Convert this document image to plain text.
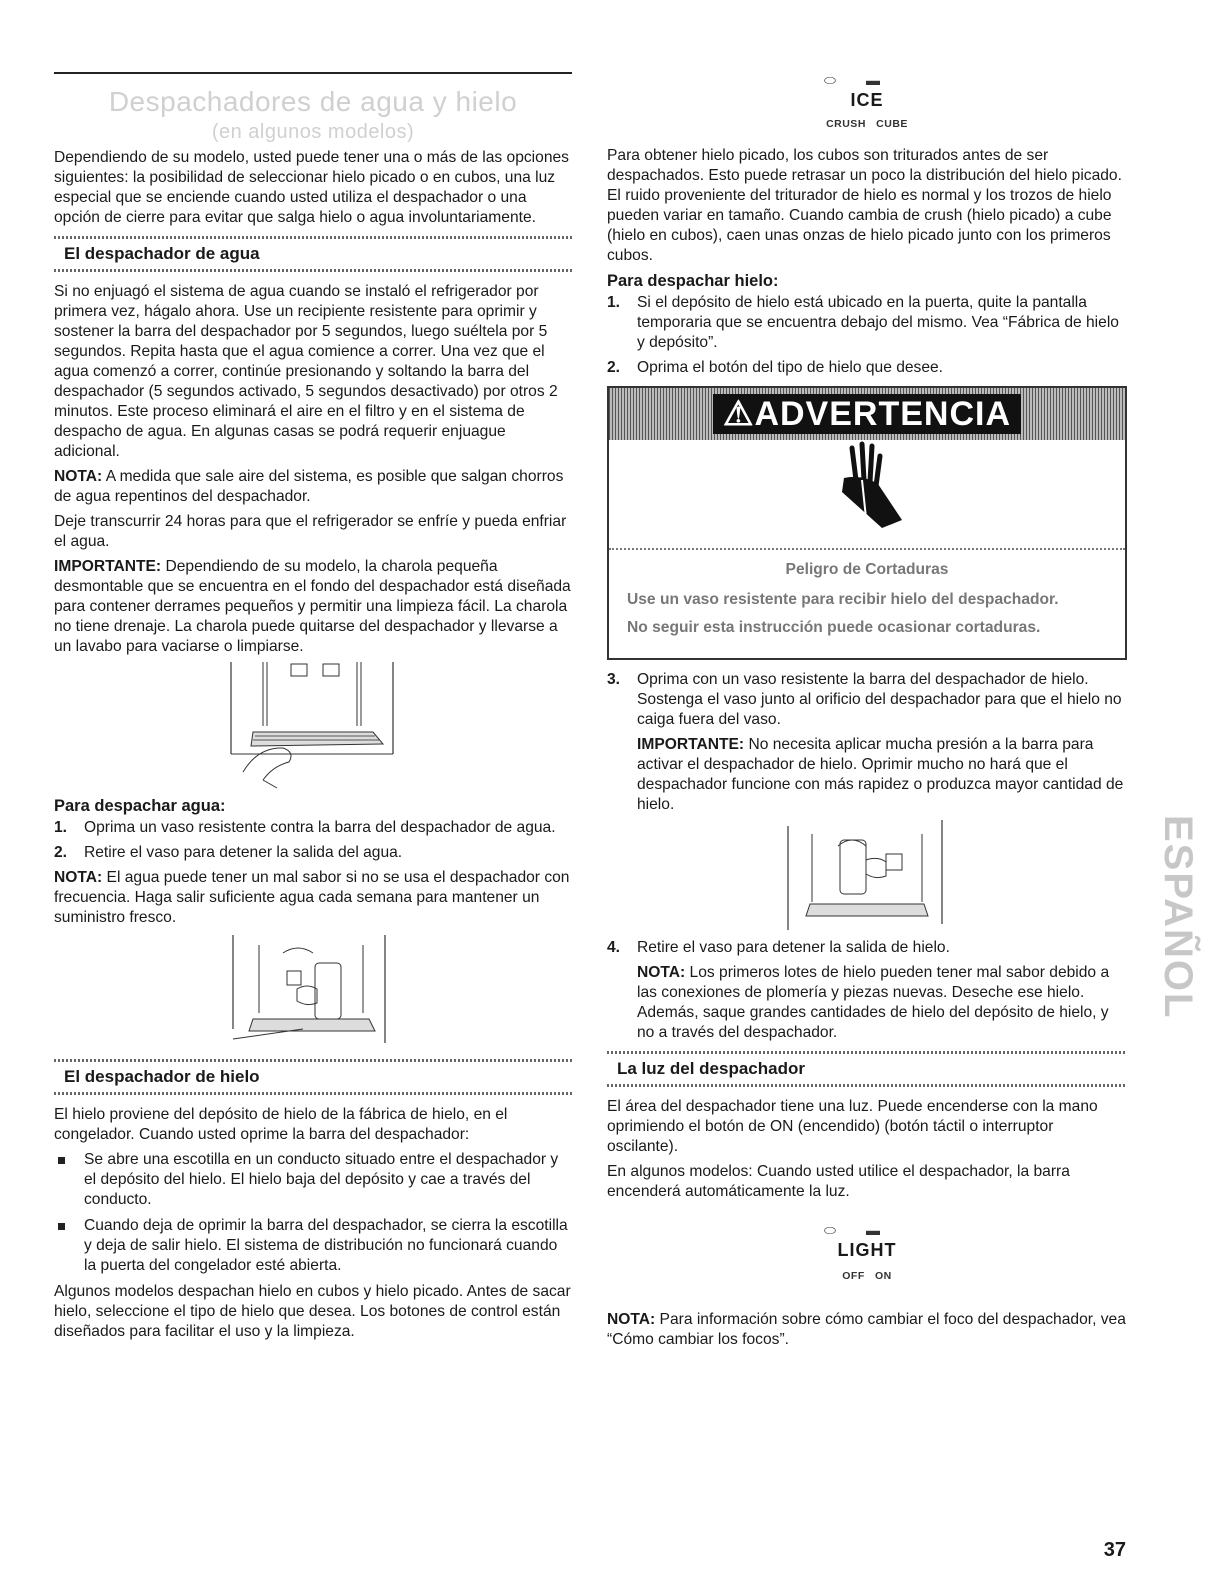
Despachadores de agua y hielo
(en algunos modelos)

Dependiendo de su modelo, usted puede tener una o más de las opciones siguientes: la posibilidad de seleccionar hielo picado o en cubos, una luz especial que se enciende cuando usted utiliza el despachador o una opción de cierre para evitar que salga hielo o agua involuntariamente.

El despachador de agua

Si no enjuagó el sistema de agua cuando se instaló el refrigerador por primera vez, hágalo ahora. Use un recipiente resistente para oprimir y sostener la barra del despachador por 5 segundos, luego suéltela por 5 segundos. Repita hasta que el agua comience a correr. Una vez que el agua comenzó a correr, continúe presionando y soltando la barra del despachador (5 segundos activado, 5 segundos desactivado) por otros 2 minutos. Este proceso eliminará el aire en el filtro y en el sistema de despacho de agua. En algunas casas se podrá requerir enjuague adicional.

NOTA: A medida que sale aire del sistema, es posible que salgan chorros de agua repentinos del despachador.

Deje transcurrir 24 horas para que el refrigerador se enfríe y pueda enfriar el agua.

IMPORTANTE: Dependiendo de su modelo, la charola pequeña desmontable que se encuentra en el fondo del despachador está diseñada para contener derrames pequeños y permitir una limpieza fácil. La charola no tiene drenaje. La charola puede quitarse del despachador y llevarse a un lavabo para vaciarse o limpiarse.

Para despachar agua:
1. Oprima un vaso resistente contra la barra del despachador de agua.
2. Retire el vaso para detener la salida del agua.

NOTA: El agua puede tener un mal sabor si no se usa el despachador con frecuencia. Haga salir suficiente agua cada semana para mantener un suministro fresco.

El despachador de hielo

El hielo proviene del depósito de hielo de la fábrica de hielo, en el congelador. Cuando usted oprime la barra del despachador:

Se abre una escotilla en un conducto situado entre el despachador y el depósito del hielo. El hielo baja del depósito y cae a través del conducto.
Cuando deja de oprimir la barra del despachador, se cierra la escotilla y deja de salir hielo. El sistema de distribución no funcionará cuando la puerta del congelador esté abierta.

Algunos modelos despachan hielo en cubos y hielo picado. Antes de sacar hielo, seleccione el tipo de hielo que desea. Los botones de control están diseñados para facilitar el uso y la limpieza.

⬭▬
ICE
CRUSH CUBE

Para obtener hielo picado, los cubos son triturados antes de ser despachados. Esto puede retrasar un poco la distribución del hielo picado. El ruido proveniente del triturador de hielo es normal y los trozos de hielo pueden variar en tamaño. Cuando cambia de crush (hielo picado) a cube (hielo en cubos), caen unas onzas de hielo picado junto con los primeros cubos.

Para despachar hielo:
1. Si el depósito de hielo está ubicado en la puerta, quite la pantalla temporaria que se encuentra debajo del mismo. Vea “Fábrica de hielo y depósito”.
2. Oprima el botón del tipo de hielo que desee.
⚠ADVERTENCIA
Peligro de Cortaduras

Use un vaso resistente para recibir hielo del despachador.

No seguir esta instrucción puede ocasionar cortaduras.

3. Oprima con un vaso resistente la barra del despachador de hielo. Sostenga el vaso junto al orificio del despachador para que el hielo no caiga fuera del vaso.

IMPORTANTE: No necesita aplicar mucha presión a la barra para activar el despachador de hielo. Oprimir mucho no hará que el despachador funcione con más rapidez o produzca mayor cantidad de hielo.

4. Retire el vaso para detener la salida de hielo.

NOTA: Los primeros lotes de hielo pueden tener mal sabor debido a las conexiones de plomería y piezas nuevas. Deseche ese hielo. Además, saque grandes cantidades de hielo del depósito de hielo, y no a través del despachador.

La luz del despachador

El área del despachador tiene una luz. Puede encenderse con la mano oprimiendo el botón de ON (encendido) (botón táctil o interruptor oscilante).

En algunos modelos: Cuando usted utilice el despachador, la barra encenderá automáticamente la luz.

⬭▬
LIGHT
OFF ON

NOTA: Para información sobre cómo cambiar el foco del despachador, vea “Cómo cambiar los focos”.

ESPAÑOL
37
